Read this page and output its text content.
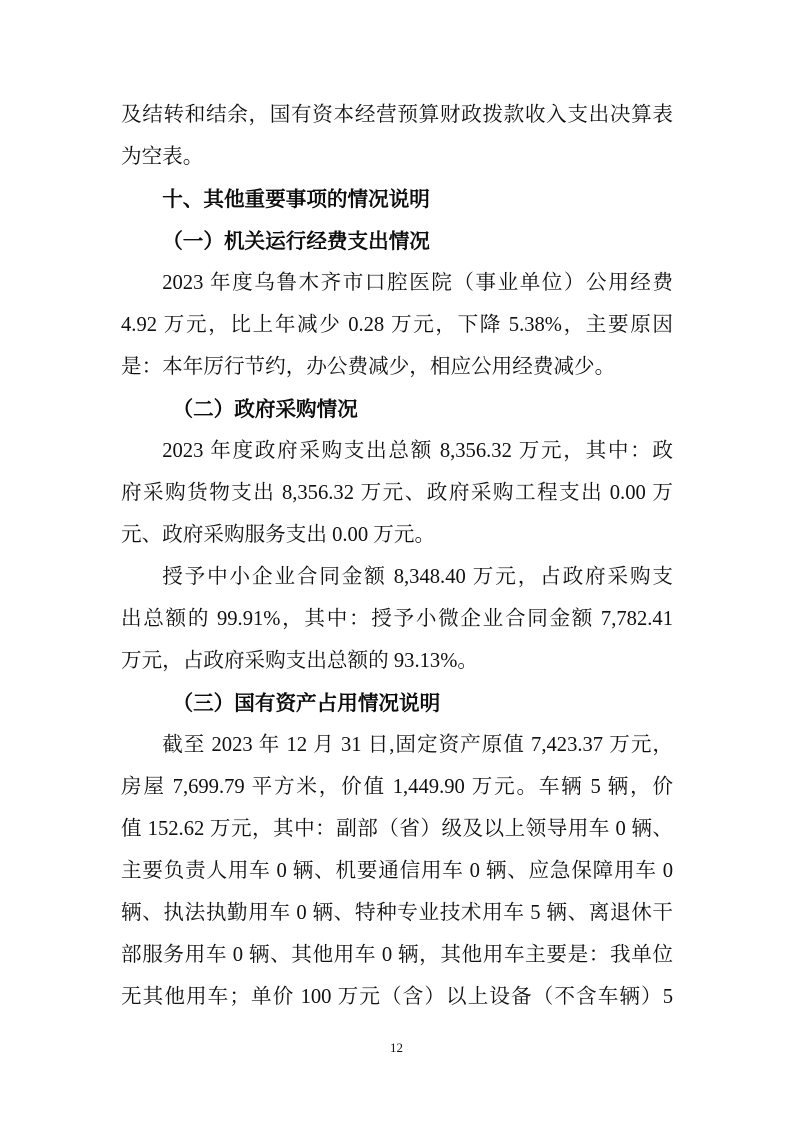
及结转和结余，国有资本经营预算财政拨款收入支出决算表
为空表。
十、其他重要事项的情况说明
（一）机关运行经费支出情况
2023 年度乌鲁木齐市口腔医院（事业单位）公用经费
4.92 万元，比上年减少 0.28 万元，下降 5.38%，主要原因
是：本年厉行节约，办公费减少，相应公用经费减少。
（二）政府采购情况
2023 年度政府采购支出总额 8,356.32 万元，其中：政
府采购货物支出 8,356.32 万元、政府采购工程支出 0.00 万
元、政府采购服务支出 0.00 万元。
授予中小企业合同金额 8,348.40 万元，占政府采购支
出总额的 99.91%，其中：授予小微企业合同金额 7,782.41
万元，占政府采购支出总额的 93.13%。
（三）国有资产占用情况说明
截至 2023 年 12 月 31 日,固定资产原值 7,423.37 万元，
房屋 7,699.79 平方米，价值 1,449.90 万元。车辆 5 辆，价
值 152.62 万元，其中：副部（省）级及以上领导用车 0 辆、
主要负责人用车 0 辆、机要通信用车 0 辆、应急保障用车 0
辆、执法执勤用车 0 辆、特种专业技术用车 5 辆、离退休干
部服务用车 0 辆、其他用车 0 辆，其他用车主要是：我单位
无其他用车；单价 100 万元（含）以上设备（不含车辆）5
12
